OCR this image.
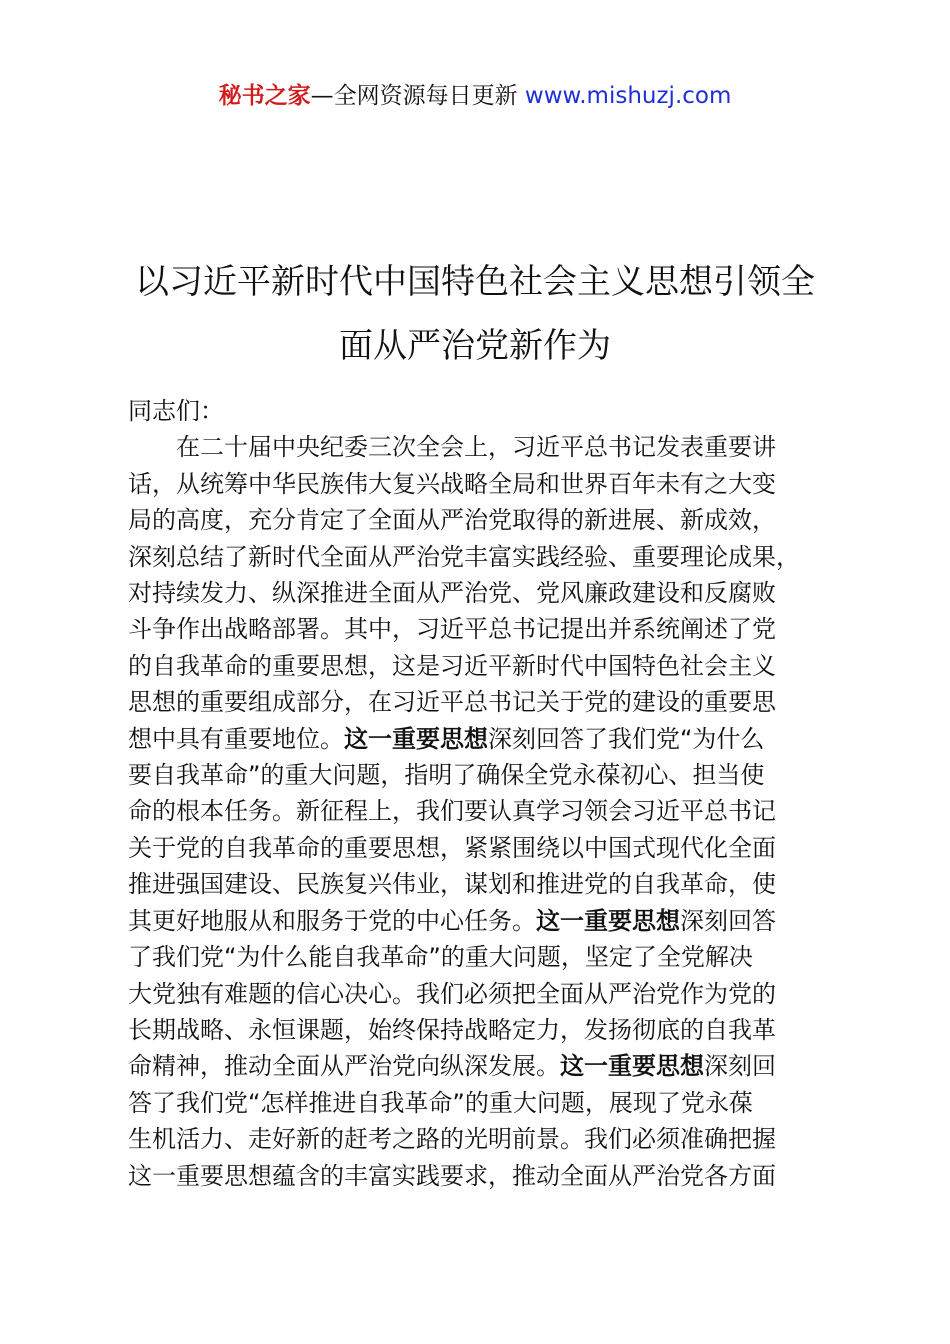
秘书之家—全网资源每日更新 www.mishuzj.com
以习近平新时代中国特色社会主义思想引领全
面从严治党新作为
同志们：
在二十届中央纪委三次全会上，习近平总书记发表重要讲
话，从统筹中华民族伟大复兴战略全局和世界百年未有之大变
局的高度，充分肯定了全面从严治党取得的新进展、新成效，
深刻总结了新时代全面从严治党丰富实践经验、重要理论成果，
对持续发力、纵深推进全面从严治党、党风廉政建设和反腐败
斗争作出战略部署。其中，习近平总书记提出并系统阐述了党
的自我革命的重要思想，这是习近平新时代中国特色社会主义
思想的重要组成部分，在习近平总书记关于党的建设的重要思
想中具有重要地位。这一重要思想深刻回答了我们党“为什么
要自我革命”的重大问题，指明了确保全党永葆初心、担当使
命的根本任务。新征程上，我们要认真学习领会习近平总书记
关于党的自我革命的重要思想，紧紧围绕以中国式现代化全面
推进强国建设、民族复兴伟业，谋划和推进党的自我革命，使
其更好地服从和服务于党的中心任务。这一重要思想深刻回答
了我们党“为什么能自我革命”的重大问题，坚定了全党解决
大党独有难题的信心决心。我们必须把全面从严治党作为党的
长期战略、永恒课题，始终保持战略定力，发扬彻底的自我革
命精神，推动全面从严治党向纵深发展。这一重要思想深刻回
答了我们党“怎样推进自我革命”的重大问题，展现了党永葆
生机活力、走好新的赶考之路的光明前景。我们必须准确把握
这一重要思想蕴含的丰富实践要求，推动全面从严治党各方面
